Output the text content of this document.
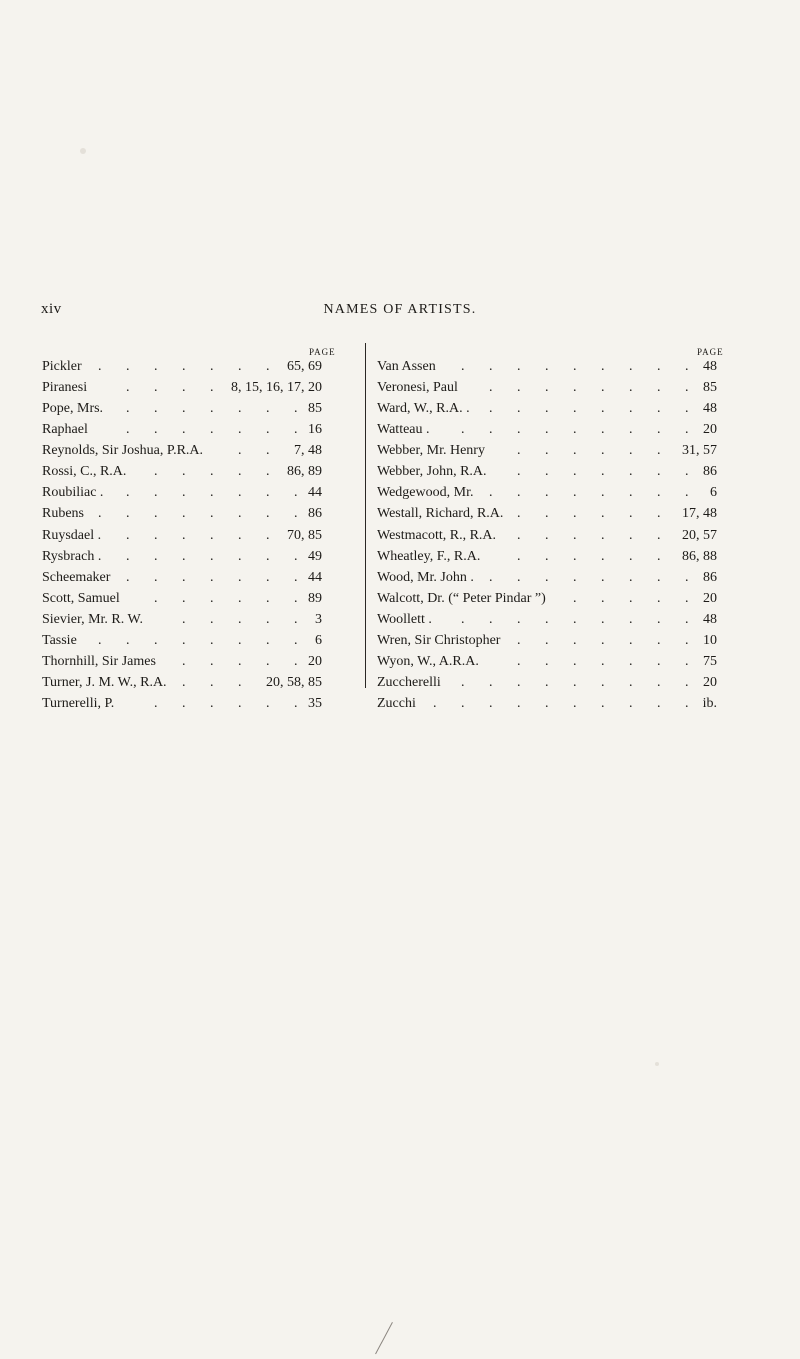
xiv	NAMES OF ARTISTS.
PAGE	PAGE
Pickler	65, 69
. . . . . . .
Piranesi	8, 15, 16, 17, 20
. . . .
Pope, Mrs.	85
. . . . . . .
Raphael	16
. . . . . . .
Reynolds, Sir Joshua, P.R.A.	7, 48
. .
Rossi, C., R.A.	86, 89
. . . . .
Roubiliac .	44
. . . . . . .
Rubens	86
. . . . . . . .
Ruysdael .	70, 85
. . . . . .
Rysbrach .	49
. . . . . . .
Scheemaker	44
. . . . . . .
Scott, Samuel	89
. . . . . .
Sievier, Mr. R. W.	3
. . . . .
Tassie	6
. . . . . . . .
Thornhill, Sir James	20
. . . . .
Turner, J. M. W., R.A.	20, 58, 85
. . .
Turnerelli, P.	35
. . . . . .
Van Assen	48
. . . . . . . . .
Veronesi, Paul	85
. . . . . . . .
Ward, W., R.A. .	48
. . . . . . . .
Watteau .	20
. . . . . . . . .
Webber, Mr. Henry	31, 57
. . . . . .
Webber, John, R.A.	86
. . . . . . .
Wedgewood, Mr.	6
. . . . . . . .
Westall, Richard, R.A.	17, 48
. . . . . .
Westmacott, R., R.A.	20, 57
. . . . . .
Wheatley, F., R.A.	86, 88
. . . . . .
Wood, Mr. John .	86
. . . . . . . .
Walcott, Dr. (“ Peter Pindar ”)	20
. . . . .
Woollett .	48
. . . . . . . . .
Wren, Sir Christopher	10
. . . . . . .
Wyon, W., A.R.A.	75
. . . . . . .
Zuccherelli	20
. . . . . . . . .
Zucchi	ib.
. . . . . . . . . .
